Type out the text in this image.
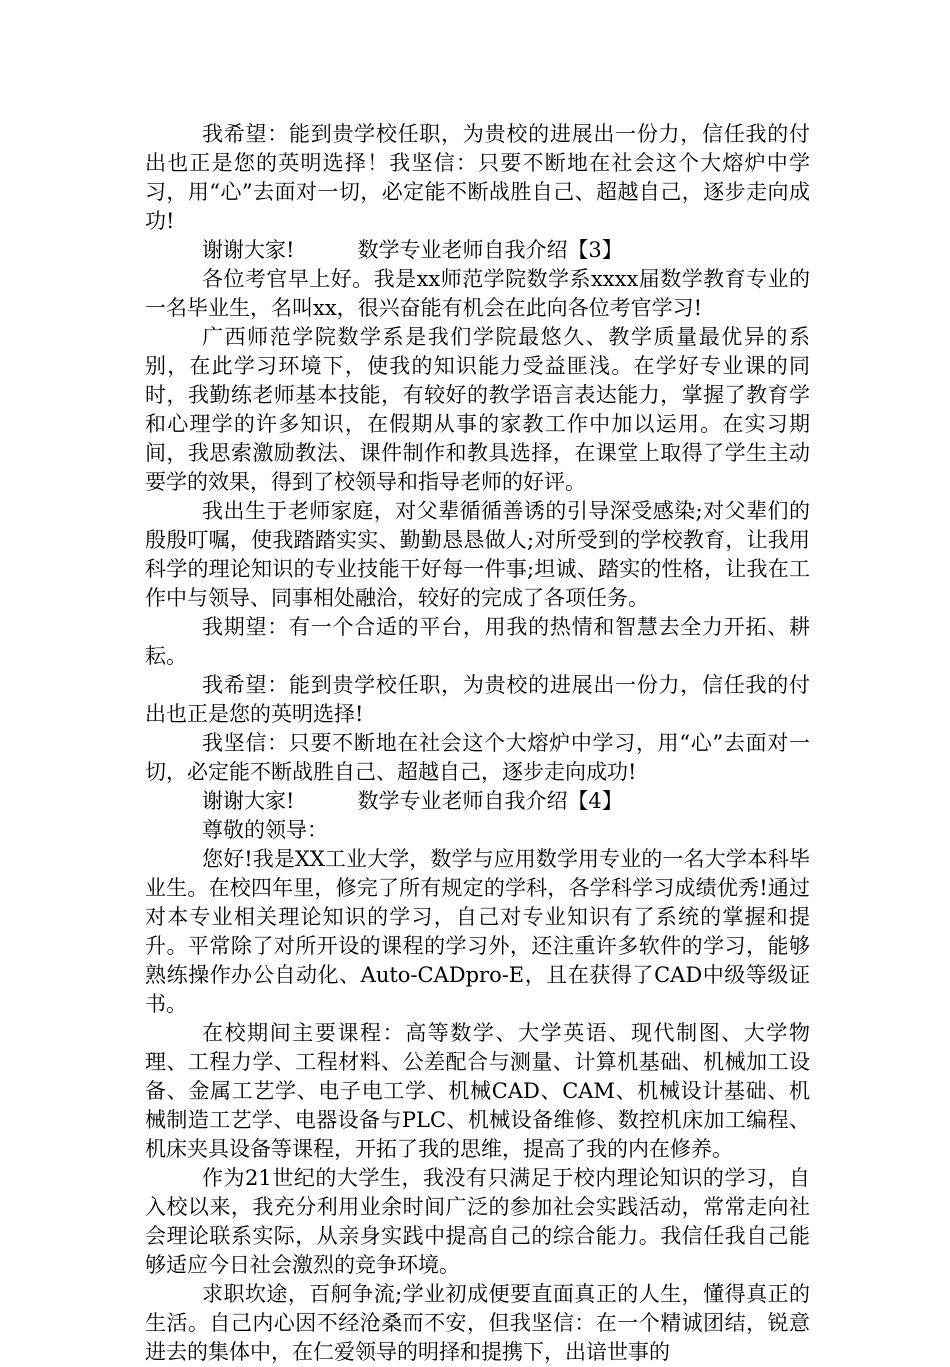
我希望：能到贵学校任职，为贵校的进展出一份力，信任我的付出也正是您的英明选择！我坚信：只要不断地在社会这个大熔炉中学习，用“心”去面对一切，必定能不断战胜自己、超越自己，逐步走向成功!

谢谢大家!　　　数学专业老师自我介绍【3】

各位考官早上好。我是xx师范学院数学系xxxx届数学教育专业的一名毕业生，名叫xx，很兴奋能有机会在此向各位考官学习!

广西师范学院数学系是我们学院最悠久、教学质量最优异的系别，在此学习环境下，使我的知识能力受益匪浅。在学好专业课的同时，我勤练老师基本技能，有较好的教学语言表达能力，掌握了教育学和心理学的许多知识，在假期从事的家教工作中加以运用。在实习期间，我思索激励教法、课件制作和教具选择，在课堂上取得了学生主动要学的效果，得到了校领导和指导老师的好评。

我出生于老师家庭，对父辈循循善诱的引导深受感染;对父辈们的殷殷叮嘱，使我踏踏实实、勤勤恳恳做人;对所受到的学校教育，让我用科学的理论知识的专业技能干好每一件事;坦诚、踏实的性格，让我在工作中与领导、同事相处融洽，较好的完成了各项任务。

我期望：有一个合适的平台，用我的热情和智慧去全力开拓、耕耘。

我希望：能到贵学校任职，为贵校的进展出一份力，信任我的付出也正是您的英明选择!

我坚信：只要不断地在社会这个大熔炉中学习，用“心”去面对一切，必定能不断战胜自己、超越自己，逐步走向成功!

谢谢大家!　　　数学专业老师自我介绍【4】

尊敬的领导：

您好!我是XX工业大学，数学与应用数学用专业的一名大学本科毕业生。在校四年里，修完了所有规定的学科，各学科学习成绩优秀!通过对本专业相关理论知识的学习，自己对专业知识有了系统的掌握和提升。平常除了对所开设的课程的学习外，还注重许多软件的学习，能够熟练操作办公自动化、Auto-CADpro-E，且在获得了CAD中级等级证书。

在校期间主要课程：高等数学、大学英语、现代制图、大学物理、工程力学、工程材料、公差配合与测量、计算机基础、机械加工设备、金属工艺学、电子电工学、机械CAD、CAM、机械设计基础、机械制造工艺学、电器设备与PLC、机械设备维修、数控机床加工编程、机床夹具设备等课程，开拓了我的思维，提高了我的内在修养。

作为21世纪的大学生，我没有只满足于校内理论知识的学习，自入校以来，我充分利用业余时间广泛的参加社会实践活动，常常走向社会理论联系实际，从亲身实践中提高自己的综合能力。我信任我自己能够适应今日社会激烈的竞争环境。

求职坎途，百舸争流;学业初成便要直面真正的人生，懂得真正的生活。自己内心因不经沧桑而不安，但我坚信：在一个精诚团结，锐意进去的集体中，在仁爱领导的明择和提携下，出谙世事的
